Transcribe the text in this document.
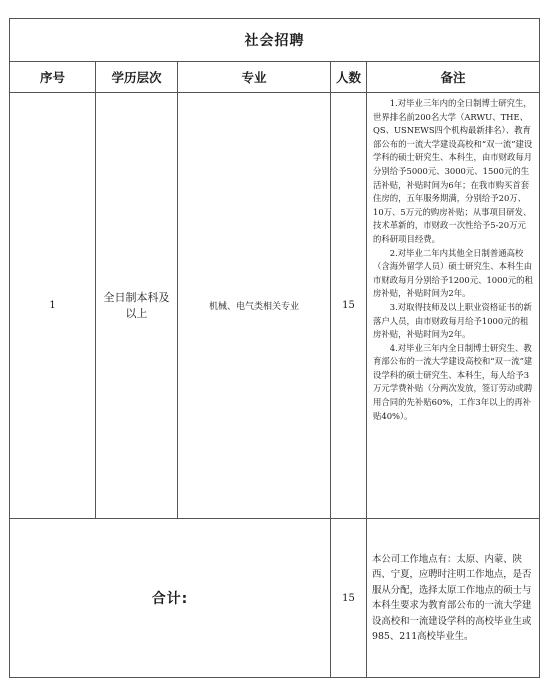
社会招聘				
序号	学历层次	专业	人数	备注
1	全日制本科及以上	机械、电气类相关专业	15	1.对毕业三年内的全日制博士研究生，世界排名前200名大学（ARWU、THE、QS、USNEWS四个机构最新排名）、教育部公布的一流大学建设高校和“双一流”建设学科的硕士研究生、本科生，由市财政每月分别给予5000元、3000元、1500元的生活补贴，补贴时间为6年；在我市购买首套住房的，五年服务期满，分别给予20万、10万、5万元的购房补贴；从事项目研发、技术革新的，市财政一次性给予5-20万元的科研项目经费。

2.对毕业二年内其他全日制普通高校（含海外留学人员）硕士研究生、本科生由市财政每月分别给予1200元、1000元的租房补贴，补贴时间为2年。

3.对取得技师及以上职业资格证书的新落户人员，由市财政每月给予1000元的租房补贴，补贴时间为2年。

4.对毕业三年内全日制博士研究生、教育部公布的一流大学建设高校和“双一流”建设学科的硕士研究生、本科生，每人给予3万元学费补贴（分两次发放，签订劳动或聘用合同的先补贴60%，工作3年以上的再补贴40%）。

合计:			15	本公司工作地点有：太原、内蒙、陕西、宁夏，应聘时注明工作地点，是否服从分配，选择太原工作地点的硕士与本科生要求为教育部公布的一流大学建设高校和一流建设学科的高校毕业生或985、211高校毕业生。
